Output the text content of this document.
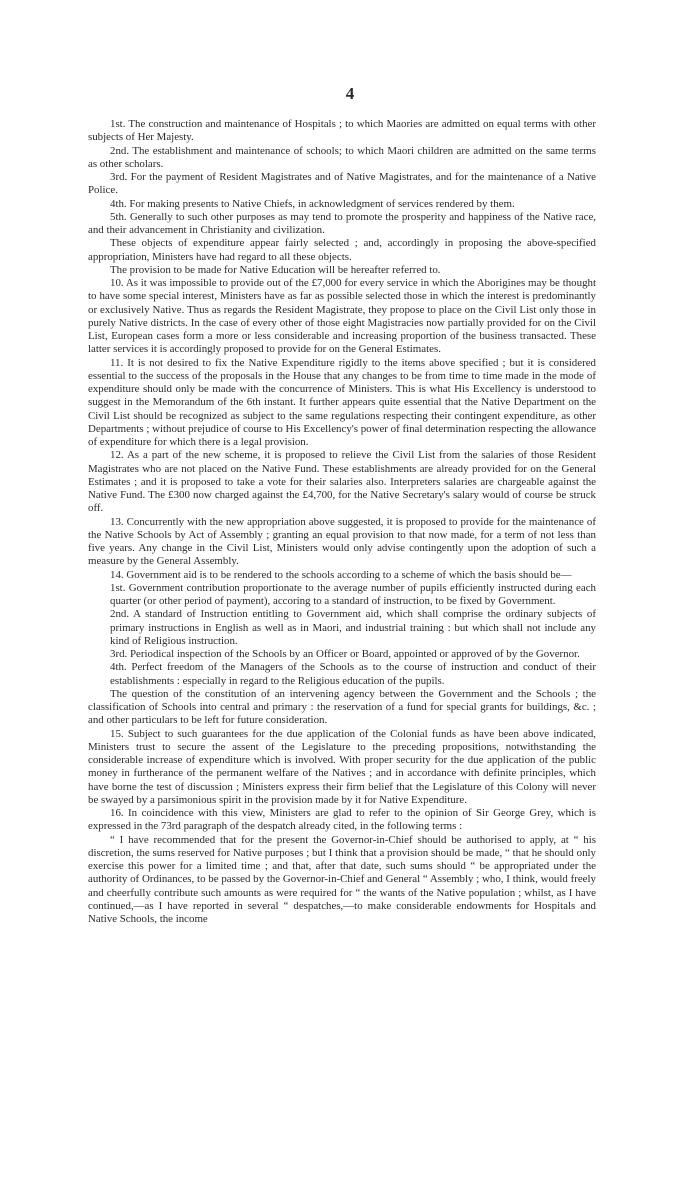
4

1st. The construction and maintenance of Hospitals ; to which Maories are admitted on equal terms with other subjects of Her Majesty.

2nd. The establishment and maintenance of schools; to which Maori children are admitted on the same terms as other scholars.

3rd. For the payment of Resident Magistrates and of Native Magistrates, and for the maintenance of a Native Police.

4th. For making presents to Native Chiefs, in acknowledgment of services rendered by them.

5th. Generally to such other purposes as may tend to promote the prosperity and happiness of the Native race, and their advancement in Christianity and civilization.

These objects of expenditure appear fairly selected ; and, accordingly in proposing the above-specified appropriation, Ministers have had regard to all these objects.

The provision to be made for Native Education will be hereafter referred to.

10. As it was impossible to provide out of the £7,000 for every service in which the Aborigines may be thought to have some special interest, Ministers have as far as possible selected those in which the interest is predominantly or exclusively Native. Thus as regards the Resident Magistrate, they propose to place on the Civil List only those in purely Native districts. In the case of every other of those eight Magistracies now partially provided for on the Civil List, European cases form a more or less considerable and increasing proportion of the business transacted. These latter services it is accordingly proposed to provide for on the General Estimates.

11. It is not desired to fix the Native Expenditure rigidly to the items above specified ; but it is considered essential to the success of the proposals in the House that any changes to be from time to time made in the mode of expenditure should only be made with the concurrence of Ministers. This is what His Excellency is understood to suggest in the Memorandum of the 6th instant. It further appears quite essential that the Native Department on the Civil List should be recognized as subject to the same regulations respecting their contingent expenditure, as other Departments ; without prejudice of course to His Excellency's power of final determination respecting the allowance of expenditure for which there is a legal provision.

12. As a part of the new scheme, it is proposed to relieve the Civil List from the salaries of those Resident Magistrates who are not placed on the Native Fund. These establishments are already provided for on the General Estimates ; and it is proposed to take a vote for their salaries also. Interpreters salaries are chargeable against the Native Fund. The £300 now charged against the £4,700, for the Native Secretary's salary would of course be struck off.

13. Concurrently with the new appropriation above suggested, it is proposed to provide for the maintenance of the Native Schools by Act of Assembly ; granting an equal provision to that now made, for a term of not less than five years. Any change in the Civil List, Ministers would only advise contingently upon the adoption of such a measure by the General Assembly.

14. Government aid is to be rendered to the schools according to a scheme of which the basis should be—

1st. Government contribution proportionate to the average number of pupils efficiently instructed during each quarter (or other period of payment), accoring to a standard of instruction, to be fixed by Government.

2nd. A standard of Instruction entitling to Government aid, which shall comprise the ordinary subjects of primary instructions in English as well as in Maori, and industrial training : but which shall not include any kind of Religious instruction.

3rd. Periodical inspection of the Schools by an Officer or Board, appointed or approved of by the Governor.

4th. Perfect freedom of the Managers of the Schools as to the course of instruction and conduct of their establishments : especially in regard to the Religious education of the pupils.

The question of the constitution of an intervening agency between the Government and the Schools ; the classification of Schools into central and primary : the reservation of a fund for special grants for buildings, &c. ; and other particulars to be left for future consideration.

15. Subject to such guarantees for the due application of the Colonial funds as have been above indicated, Ministers trust to secure the assent of the Legislature to the preceding propositions, notwithstanding the considerable increase of expenditure which is involved. With proper security for the due application of the public money in furtherance of the permanent welfare of the Natives ; and in accordance with definite principles, which have borne the test of discussion ; Ministers express their firm belief that the Legislature of this Colony will never be swayed by a parsimonious spirit in the provision made by it for Native Expenditure.

16. In coincidence with this view, Ministers are glad to refer to the opinion of Sir George Grey, which is expressed in the 73rd paragraph of the despatch already cited, in the following terms :

“ I have recommended that for the present the Governor-in-Chief should be authorised to apply, at “ his discretion, the sums reserved for Native purposes ; but I think that a provision should be made, “ that he should only exercise this power for a limited time ; and that, after that date, such sums should “ be appropriated under the authority of Ordinances, to be passed by the Governor-in-Chief and General “ Assembly ; who, I think, would freely and cheerfully contribute such amounts as were required for “ the wants of the Native population ; whilst, as I have continued,—as I have reported in several “ despatches,—to make considerable endowments for Hospitals and Native Schools, the income
